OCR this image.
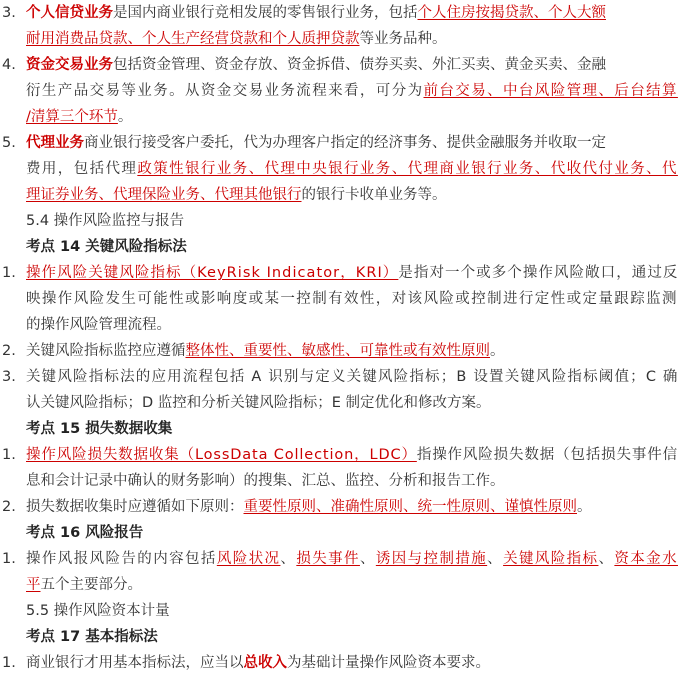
3. 个人信贷业务是国内商业银行竞相发展的零售银行业务，包括个人住房按揭贷款、个人大额
耐用消费品贷款、个人生产经营贷款和个人质押贷款等业务品种。
4. 资金交易业务包括资金管理、资金存放、资金拆借、债券买卖、外汇买卖、黄金买卖、金融
衍生产品交易等业务。从资金交易业务流程来看，可分为前台交易、中台风险管理、后台结算
/清算三个环节。
5. 代理业务商业银行接受客户委托，代为办理客户指定的经济事务、提供金融服务并收取一定
费用，包括代理政策性银行业务、代理中央银行业务、代理商业银行业务、代收代付业务、代
理证券业务、代理保险业务、代理其他银行的银行卡收单业务等。
5.4 操作风险监控与报告
考点 14 关键风险指标法
1. 操作风险关键风险指标（KeyRisk Indicator，KRI）是指对一个或多个操作风险敞口，通过反
映操作风险发生可能性或影响度或某一控制有效性，对该风险或控制进行定性或定量跟踪监测
的操作风险管理流程。
2. 关键风险指标监控应遵循整体性、重要性、敏感性、可靠性或有效性原则。
3. 关键风险指标法的应用流程包括 A 识别与定义关键风险指标；B 设置关键风险指标阈值；C 确
认关键风险指标；D 监控和分析关键风险指标；E 制定优化和修改方案。
考点 15 损失数据收集
1. 操作风险损失数据收集（LossData Collection，LDC）指操作风险损失数据（包括损失事件信
息和会计记录中确认的财务影响）的搜集、汇总、监控、分析和报告工作。
2. 损失数据收集时应遵循如下原则：重要性原则、准确性原则、统一性原则、谨慎性原则。
考点 16 风险报告
1. 操作风报风险告的内容包括风险状况、损失事件、诱因与控制措施、关键风险指标、资本金水
平五个主要部分。
5.5 操作风险资本计量
考点 17 基本指标法
1. 商业银行才用基本指标法，应当以总收入为基础计量操作风险资本要求。
